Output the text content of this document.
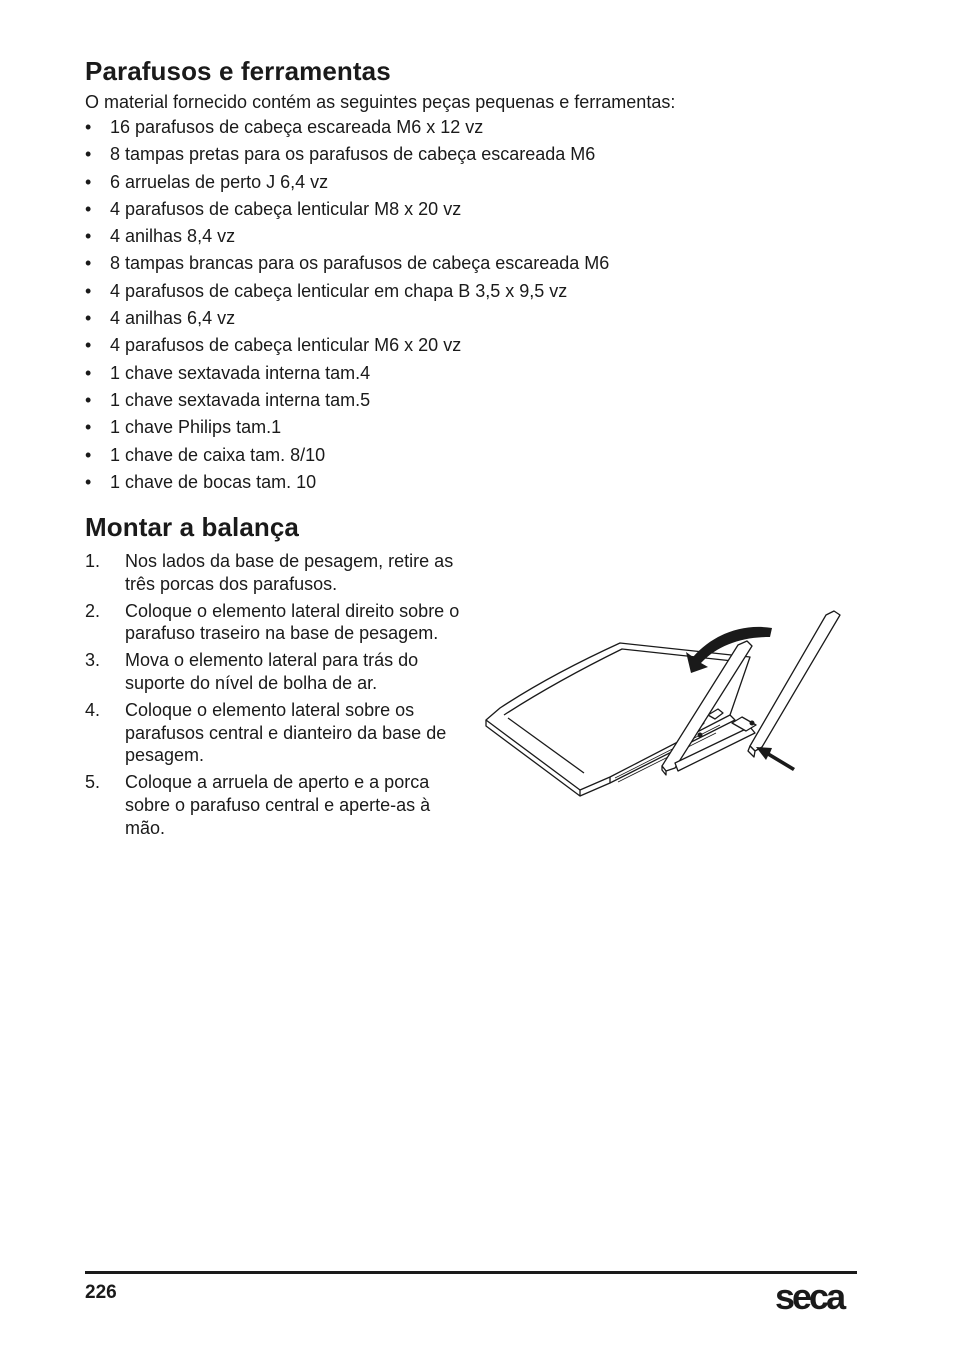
Parafusos e ferramentas

O material fornecido contém as seguintes peças pequenas e ferramentas:

• 16 parafusos de cabeça escareada M6 x 12 vz
• 8 tampas pretas para os parafusos de cabeça escareada M6
• 6 arruelas de perto J 6,4 vz
• 4 parafusos de cabeça lenticular M8 x 20 vz
• 4 anilhas 8,4 vz
• 8 tampas brancas para os parafusos de cabeça escareada M6
• 4 parafusos de cabeça lenticular em chapa B 3,5 x 9,5 vz
• 4 anilhas 6,4 vz
• 4 parafusos de cabeça lenticular M6 x 20 vz
• 1 chave sextavada interna tam.4
• 1 chave sextavada interna tam.5
• 1 chave Philips tam.1
• 1 chave de caixa tam. 8/10
• 1 chave de bocas tam. 10
Montar a balança
1. Nos lados da base de pesagem, retire as três porcas dos parafusos.
2. Coloque o elemento lateral direito sobre o parafuso traseiro na base de pesagem.
3. Mova o elemento lateral para trás do suporte do nível de bolha de ar.
4. Coloque o elemento lateral sobre os parafusos central e dianteiro da base de pesagem.
5. Coloque a arruela de aperto e a porca sobre o parafuso central e aperte-as à mão.
226	seca
